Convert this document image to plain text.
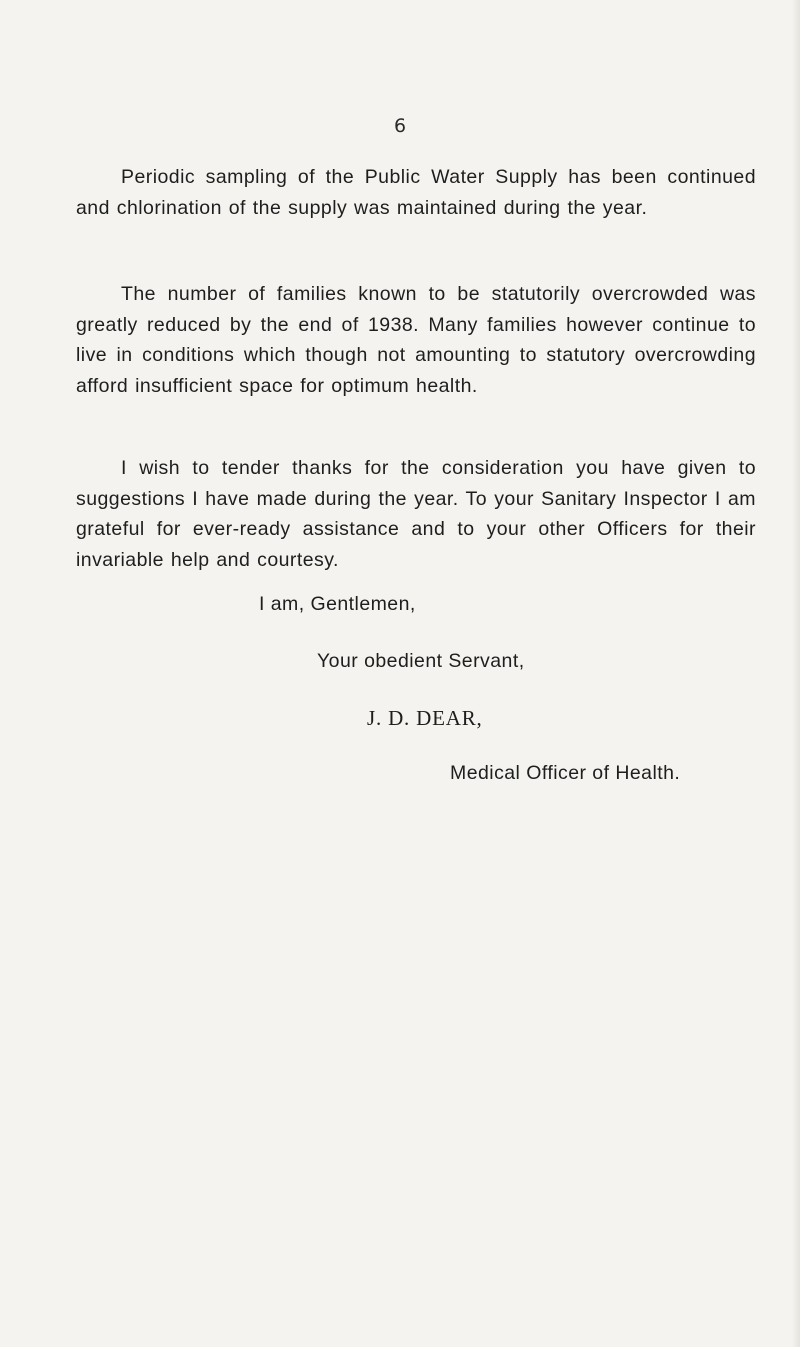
6

Periodic sampling of the Public Water Supply has been continued and chlorination of the supply was maintained during the year.

The number of families known to be statutorily overcrowded was greatly reduced by the end of 1938. Many families however continue to live in conditions which though not amounting to statutory overcrowding afford insufficient space for optimum health.

I wish to tender thanks for the consideration you have given to suggestions I have made during the year. To your Sanitary Inspector I am grateful for ever-ready assistance and to your other Officers for their invariable help and courtesy.

I am, Gentlemen,
Your obedient Servant,
J. D. DEAR,
Medical Officer of Health.
